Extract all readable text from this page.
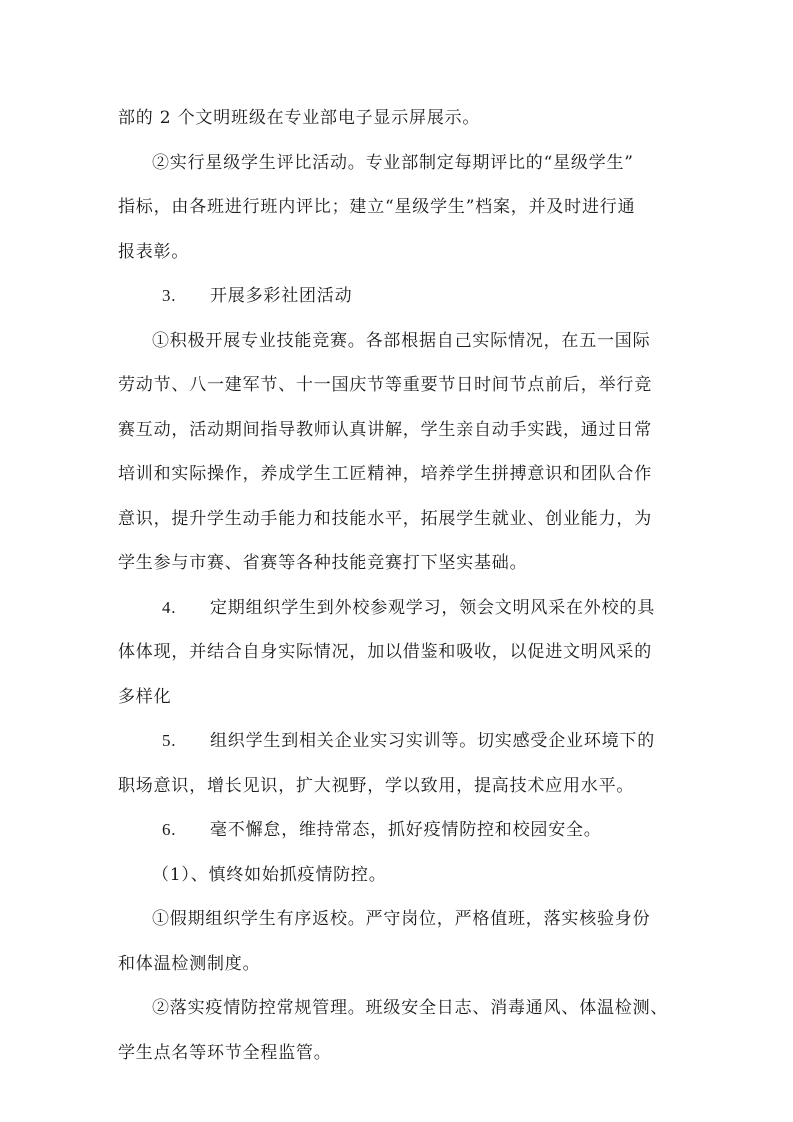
部的 2 个文明班级在专业部电子显示屏展示。
②实行星级学生评比活动。专业部制定每期评比的“星级学生”
指标，由各班进行班内评比；建立“星级学生”档案，并及时进行通
报表彰。
3. 开展多彩社团活动
①积极开展专业技能竞赛。各部根据自己实际情况，在五一国际
劳动节、八一建军节、十一国庆节等重要节日时间节点前后，举行竞
赛互动，活动期间指导教师认真讲解，学生亲自动手实践，通过日常
培训和实际操作，养成学生工匠精神，培养学生拼搏意识和团队合作
意识，提升学生动手能力和技能水平，拓展学生就业、创业能力，为
学生参与市赛、省赛等各种技能竞赛打下坚实基础。
4. 定期组织学生到外校参观学习，领会文明风采在外校的具
体体现，并结合自身实际情况，加以借鉴和吸收，以促进文明风采的
多样化
5. 组织学生到相关企业实习实训等。切实感受企业环境下的
职场意识，增长见识，扩大视野，学以致用，提高技术应用水平。
6. 毫不懈怠，维持常态，抓好疫情防控和校园安全。
（1）、慎终如始抓疫情防控。
①假期组织学生有序返校。严守岗位，严格值班，落实核验身份
和体温检测制度。
②落实疫情防控常规管理。班级安全日志、消毒通风、体温检测、
学生点名等环节全程监管。
